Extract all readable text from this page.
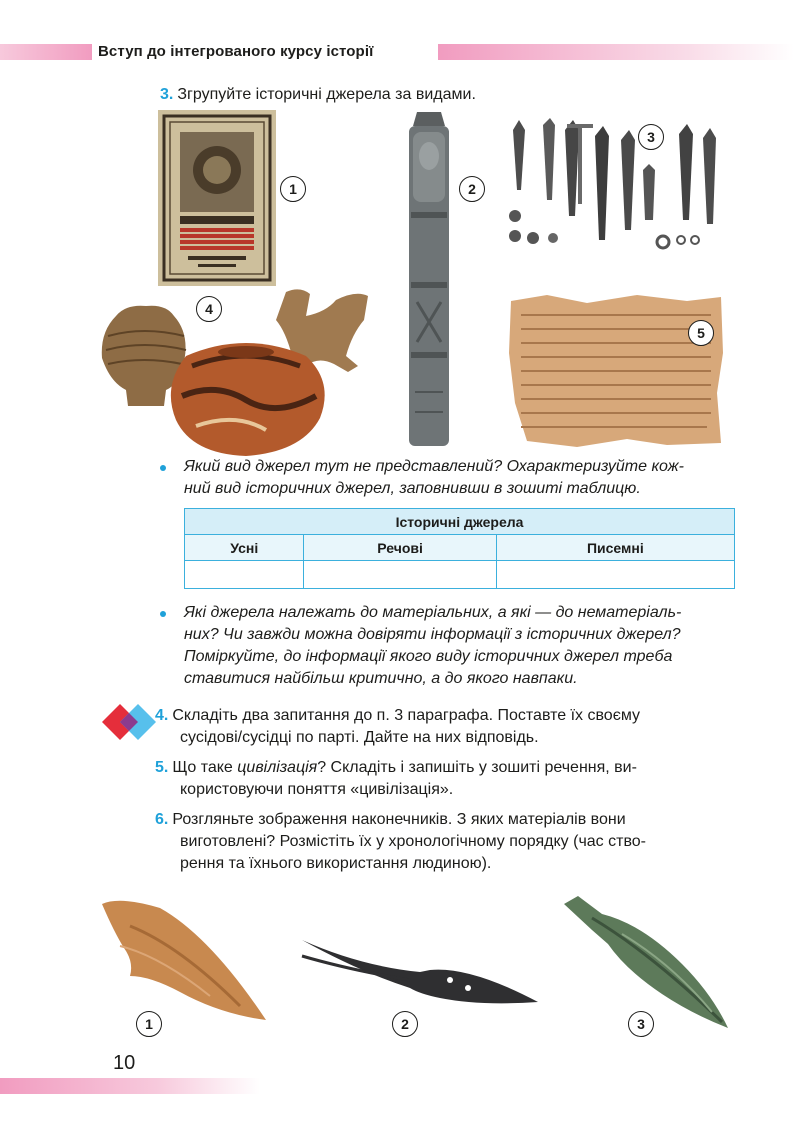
Вступ до інтегрованого курсу історії
3. Згрупуйте історичні джерела за видами.
1	2
3
4
5
Який вид джерел тут не представлений? Охарактеризуйте кож-
ний вид історичних джерел, заповнивши в зошиті таблицю.
Історичні джерела		
Усні	Речові	Писемні

Які джерела належать до матеріальних, а які — до нематеріаль-
них? Чи завжди можна довіряти інформації з історичних джерел?
Поміркуйте, до інформації якого виду історичних джерел треба
ставитися найбільш критично, а до якого навпаки.
4. Складіть два запитання до п. 3 параграфа. Поставте їх своєму
сусідові/сусідці по парті. Дайте на них відповідь.
5. Що таке цивілізація? Складіть і запишіть у зошиті речення, ви-
користовуючи поняття «цивілізація».
6. Розгляньте зображення наконечників. З яких матеріалів вони
виготовлені? Розмістіть їх у хронологічному порядку (час ство-
рення та їхнього використання людиною).
1	2	3
10
